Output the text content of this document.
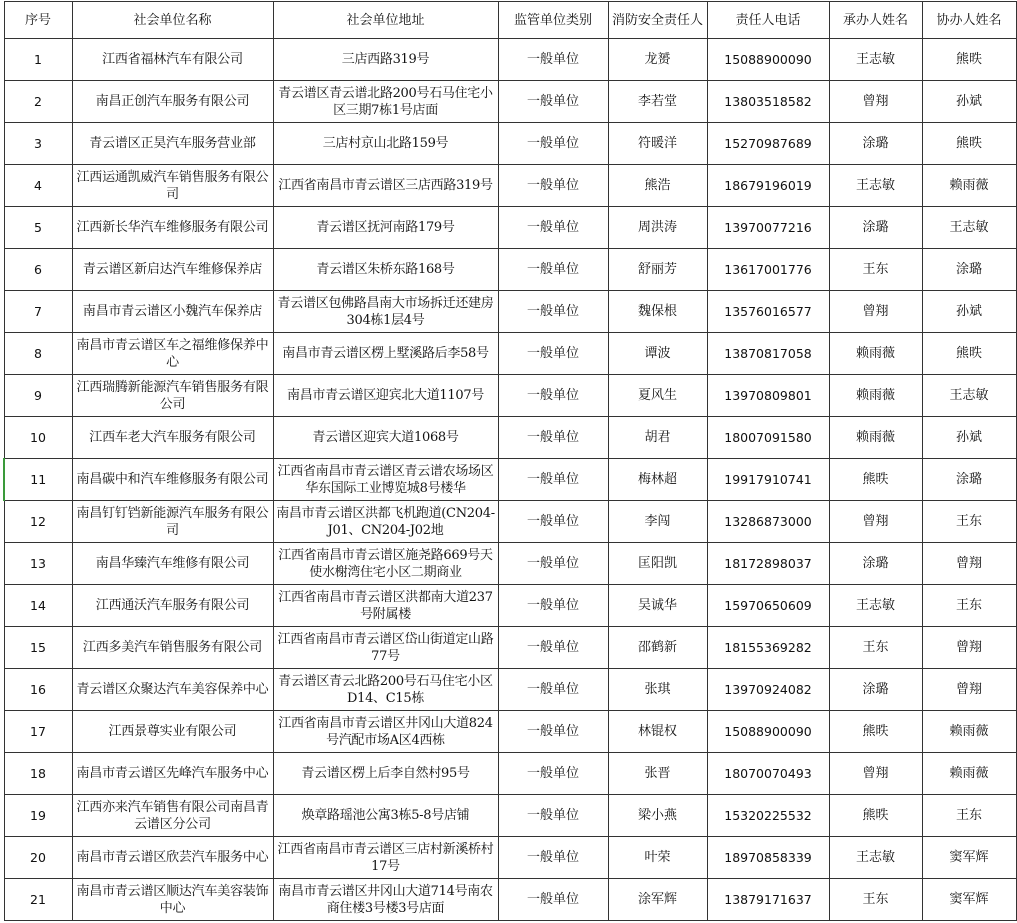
序号	社会单位名称	社会单位地址	监管单位类别	消防安全责任人	责任人电话	承办人姓名	协办人姓名
1	江西省福林汽车有限公司	三店西路319号	一般单位	龙赟	15088900090	王志敏	熊昳
2	南昌正创汽车服务有限公司	青云谱区青云谱北路200号石马住宅小区三期7栋1号店面	一般单位	李若堂	13803518582	曾翔	孙斌
3	青云谱区正昊汽车服务营业部	三店村京山北路159号	一般单位	符暖洋	15270987689	涂璐	熊昳
4	江西运通凯威汽车销售服务有限公司	江西省南昌市青云谱区三店西路319号	一般单位	熊浩	18679196019	王志敏	赖雨薇
5	江西新长华汽车维修服务有限公司	青云谱区抚河南路179号	一般单位	周洪涛	13970077216	涂璐	王志敏
6	青云谱区新启达汽车维修保养店	青云谱区朱桥东路168号	一般单位	舒丽芳	13617001776	王东	涂璐
7	南昌市青云谱区小魏汽车保养店	青云谱区包佛路昌南大市场拆迁还建房304栋1层4号	一般单位	魏保根	13576016577	曾翔	孙斌
8	南昌市青云谱区车之福维修保养中心	南昌市青云谱区楞上墅溪路后李58号	一般单位	谭波	13870817058	赖雨薇	熊昳
9	江西瑞腾新能源汽车销售服务有限公司	南昌市青云谱区迎宾北大道1107号	一般单位	夏风生	13970809801	赖雨薇	王志敏
10	江西车老大汽车服务有限公司	青云谱区迎宾大道1068号	一般单位	胡君	18007091580	赖雨薇	孙斌
11	南昌碳中和汽车维修服务有限公司	江西省南昌市青云谱区青云谱农场场区华东国际工业博览城8号楼华	一般单位	梅林超	19917910741	熊昳	涂璐
12	南昌钉钉铛新能源汽车服务有限公司	南昌市青云谱区洪都飞机跑道(CN204-J01、CN204-J02地	一般单位	李闯	13286873000	曾翔	王东
13	南昌华臻汽车维修有限公司	江西省南昌市青云谱区施尧路669号天使水榭湾住宅小区二期商业	一般单位	匡阳凯	18172898037	涂璐	曾翔
14	江西通沃汽车服务有限公司	江西省南昌市青云谱区洪都南大道237号附属楼	一般单位	吴诚华	15970650609	王志敏	王东
15	江西多美汽车销售服务有限公司	江西省南昌市青云谱区岱山街道定山路77号	一般单位	邵鹤新	18155369282	王东	曾翔
16	青云谱区众聚达汽车美容保养中心	青云谱区青云北路200号石马住宅小区D14、C15栋	一般单位	张琪	13970924082	涂璐	曾翔
17	江西景尊实业有限公司	江西省南昌市青云谱区井冈山大道824号汽配市场A区4西栋	一般单位	林锟权	15088900090	熊昳	赖雨薇
18	南昌市青云谱区先峰汽车服务中心	青云谱区楞上后李自然村95号	一般单位	张晋	18070070493	曾翔	赖雨薇
19	江西亦来汽车销售有限公司南昌青云谱区分公司	焕章路瑶池公寓3栋5-8号店铺	一般单位	梁小燕	15320225532	熊昳	王东
20	南昌市青云谱区欣芸汽车服务中心	江西省南昌市青云谱区三店村新溪桥村17号	一般单位	叶荣	18970858339	王志敏	窦军辉
21	南昌市青云谱区顺达汽车美容装饰中心	南昌市青云谱区井冈山大道714号南农商住楼3号楼3号店面	一般单位	涂军辉	13879171637	王东	窦军辉
